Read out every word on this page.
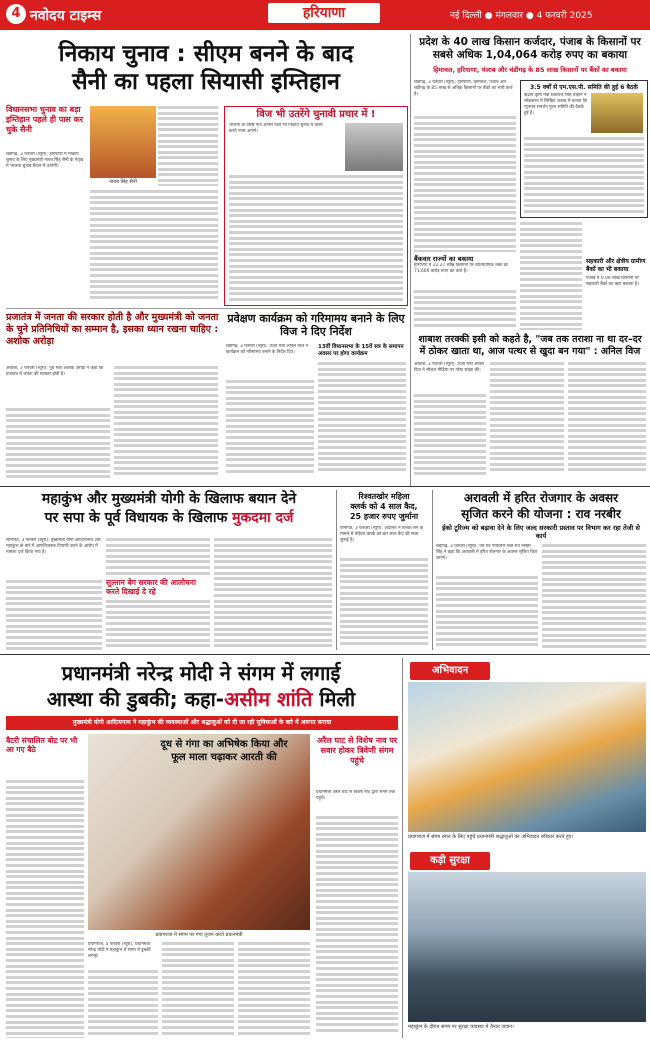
4 नवोदय टाइम्स	हरियाणा	नई दिल्ली ● मंगलवार ● 4 फरवरी 2025
निकाय चुनाव : सीएम बनने के बाद
सैनी का पहला सियासी इम्तिहान
विधानसभा चुनाव का बड़ा इम्तिहान पहले ही पास कर चुके सैनी
चंडीगढ़, 3 फरवरी (ब्यूरो): हरियाणा में निकाय चुनाव के लिए मुख्यमंत्री नायब सिंह सैनी के नेतृत्व में भाजपा चुनाव मैदान में उतरेगी।
नायब सिंह सैनी
विज भी उतरेंगे चुनावी प्रचार में !
भाजपा के वरिष्ठ नेता अनिल विज भी निकाय चुनाव में प्रचार करते नजर आएंगे।
प्रजातंत्र में जनता की सरकार होती है और मुख्यमंत्री को जनता के चुने प्रतिनिधियों का सम्मान है, इसका ध्यान रखना चाहिए : अशोक अरोड़ा
अंबाला, 3 फरवरी (ब्यूरो): पूर्व मंत्री अशोक अरोड़ा ने कहा कि प्रजातंत्र में जनता की सरकार होती है।
प्रवेक्षण कार्यक्रम को गरिमामय बनाने के लिए विज ने दिए निर्देश
चंडीगढ़, 3 फरवरी (ब्यूरो): ऊर्जा मंत्री अनिल विज ने कार्यक्रम को गरिमामय बनाने के निर्देश दिए।
13वीं विधानसभा के 15वें सत्र के समापन अवसर पर होगा कार्यक्रम
प्रदेश के 40 लाख किसान कर्जदार, पंजाब के किसानों पर
सबसे अधिक 1,04,064 करोड़ रुपए का बकाया
हिमाचल, हरियाणा, पंजाब और चंडीगढ़ के 85 लाख किसानों पर बैंकों का बकाया
3.5 वर्षों से एम.एस.पी. समिति की हुईं 6 बैठकें
केंद्रीय कृषि मंत्री शिवराज सिंह चौहान ने लोकसभा में लिखित जवाब में बताया कि न्यूनतम समर्थन मूल्य समिति की बैठकें हुई हैं।
चंडीगढ़, 3 फरवरी (ब्यूरो): हरियाणा, हिमाचल, पंजाब और चंडीगढ़ के 85 लाख से अधिक किसानों पर बैंकों का भारी कर्ज है।
बैंकवार राज्यों का बकाया
हरियाणा में 22.27 लाख किसानों पर व्यावसायिक बैंकों का 71,666 करोड़ रुपए का कर्ज है।
सहकारी और क्षेत्रीय ग्रामीण बैंकों का भी बकाया
पंजाब में 6.09 लाख किसानों पर सहकारी बैंकों का ऋण बकाया है।
शाबाश तरक्की इसी को कहते है, "जब तक तराशा ना था दर–दर में ठोकर खाता था, आज पत्थर से खुदा बन गया" : अनिल विज
अंबाला, 3 फरवरी (ब्यूरो): ऊर्जा मंत्री अनिल विज ने सोशल मीडिया पर पोस्ट साझा की।
महाकुंभ और मुख्यमंत्री योगी के खिलाफ बयान देने
पर सपा के पूर्व विधायक के खिलाफ मुकदमा दर्ज
सोनीपत, 3 फरवरी (ब्यूरो): मुख्यमंत्री योगी आदित्यनाथ और महाकुंभ के बारे में आपत्तिजनक टिप्पणी करने के आरोप में मामला दर्ज किया गया है।
सुल्तान बेग सरकार की आलोचना करते दिखाई दे रहे
रिश्वतखोर महिला
क्लर्क को 4 साल कैद,
25 हजार रुपए जुर्माना
पानीपत, 3 फरवरी (ब्यूरो): अदालत ने रिश्वत लेने के मामले में महिला क्लर्क को चार साल कैद की सजा सुनाई है।
अरावली में हरित रोजगार के अवसर
सृजित करने की योजना : राव नरबीर
ईको टूरिज्म को बढ़ावा देने के लिए जल्द सरकारी प्रस्ताव पर विभाग कर रहा तेजी से कार्य
चंडीगढ़, 3 फरवरी (ब्यूरो): वन एवं पर्यावरण मंत्री राव नरबीर सिंह ने कहा कि अरावली में हरित रोजगार के अवसर सृजित किए जाएंगे।
प्रधानमंत्री नरेन्द्र मोदी ने संगम में लगाई
आस्था की डुबकी; कहा-असीम शांति मिली
मुख्यमंत्री योगी आदित्यनाथ ने महाकुंभ की व्यवस्थाओं और श्रद्धालुओं को दी जा रही सुविधाओं के बारे में अवगत कराया
बैटरी संचालित बोट पर भी आ गए बैठे	दूध से गंगा का अभिषेक किया और
फूल माला चढ़ाकर आरती की
प्रयागराज में संगम पर गंगा पूजन करते प्रधानमंत्री
प्रयागराज, 5 फरवरी (ब्यूरो): प्रधानमंत्री नरेन्द्र मोदी ने महाकुंभ में संगम में डुबकी लगाई।
अरैल घाट से विशेष नाव पर सवार होकर त्रिवेणी संगम पहुंचे
प्रधानमंत्री अरैल घाट से विशेष नाव द्वारा संगम तक पहुंचे।
अभिवादन
प्रयागराज में संगम स्नान के लिए पहुंचे प्रधानमंत्री श्रद्धालुओं का अभिवादन स्वीकार करते हुए।
कड़ी सुरक्षा
महाकुंभ के दौरान संगम पर सुरक्षा व्यवस्था में तैनात जवान।
